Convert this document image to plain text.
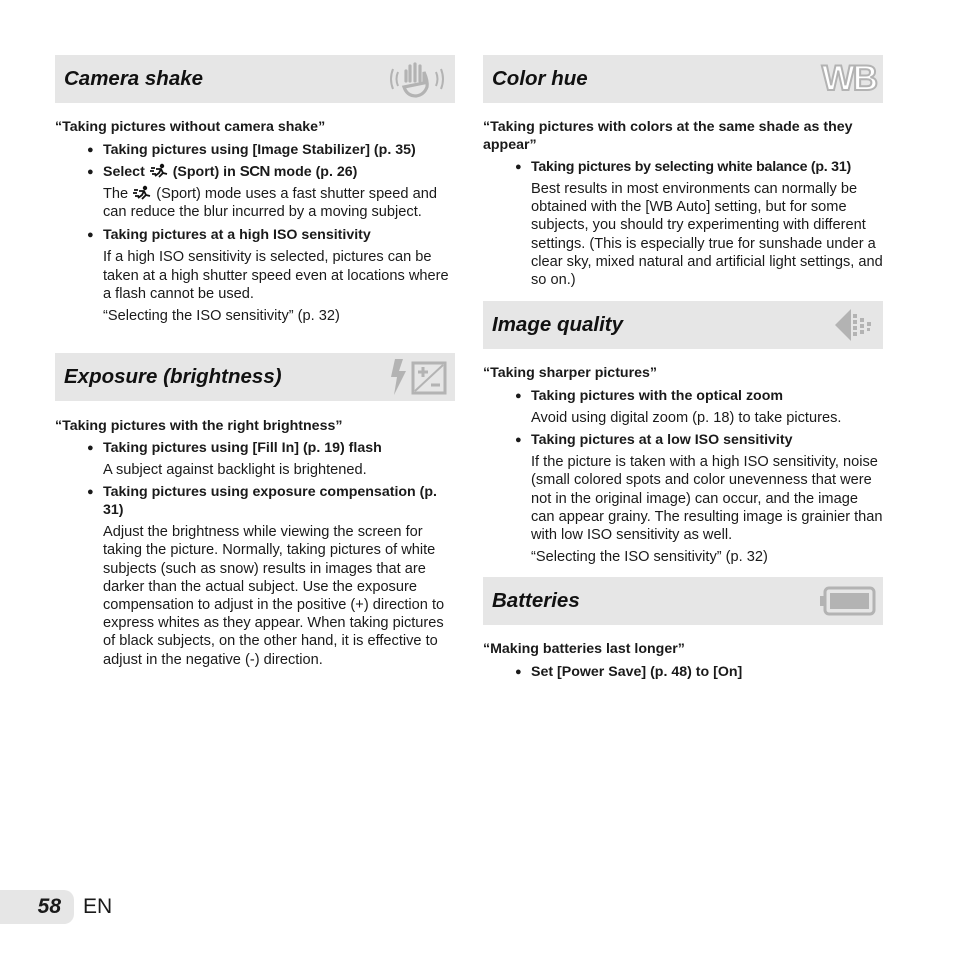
Camera shake

“Taking pictures without camera shake”

● Taking pictures using [Image Stabilizer] (p. 35)
● Select  (Sport) in SCN mode (p. 26)
The  (Sport) mode uses a fast shutter speed and can reduce the blur incurred by a moving subject.
● Taking pictures at a high ISO sensitivity
If a high ISO sensitivity is selected, pictures can be taken at a high shutter speed even at locations where a flash cannot be used.
“Selecting the ISO sensitivity” (p. 32)
Exposure (brightness)

“Taking pictures with the right brightness”

● Taking pictures using [Fill In] (p. 19) flash
A subject against backlight is brightened.
● Taking pictures using exposure compensation (p. 31)
Adjust the brightness while viewing the screen for taking the picture. Normally, taking pictures of white subjects (such as snow) results in images that are darker than the actual subject. Use the exposure compensation to adjust in the positive (+) direction to express whites as they appear. When taking pictures of black subjects, on the other hand, it is effective to adjust in the negative (-) direction.
Color hue	WB

“Taking pictures with colors at the same shade as they appear”

● Taking pictures by selecting white balance (p. 31)
Best results in most environments can normally be obtained with the [WB Auto] setting, but for some subjects, you should try experimenting with different settings. (This is especially true for sunshade under a clear sky, mixed natural and artificial light settings, and so on.)
Image quality

“Taking sharper pictures”

● Taking pictures with the optical zoom
Avoid using digital zoom (p. 18) to take pictures.
● Taking pictures at a low ISO sensitivity
If the picture is taken with a high ISO sensitivity, noise (small colored spots and color unevenness that were not in the original image) can occur, and the image can appear grainy. The resulting image is grainier than with low ISO sensitivity as well.
“Selecting the ISO sensitivity” (p. 32)
Batteries

“Making batteries last longer”

● Set [Power Save] (p. 48) to [On]
58 EN
